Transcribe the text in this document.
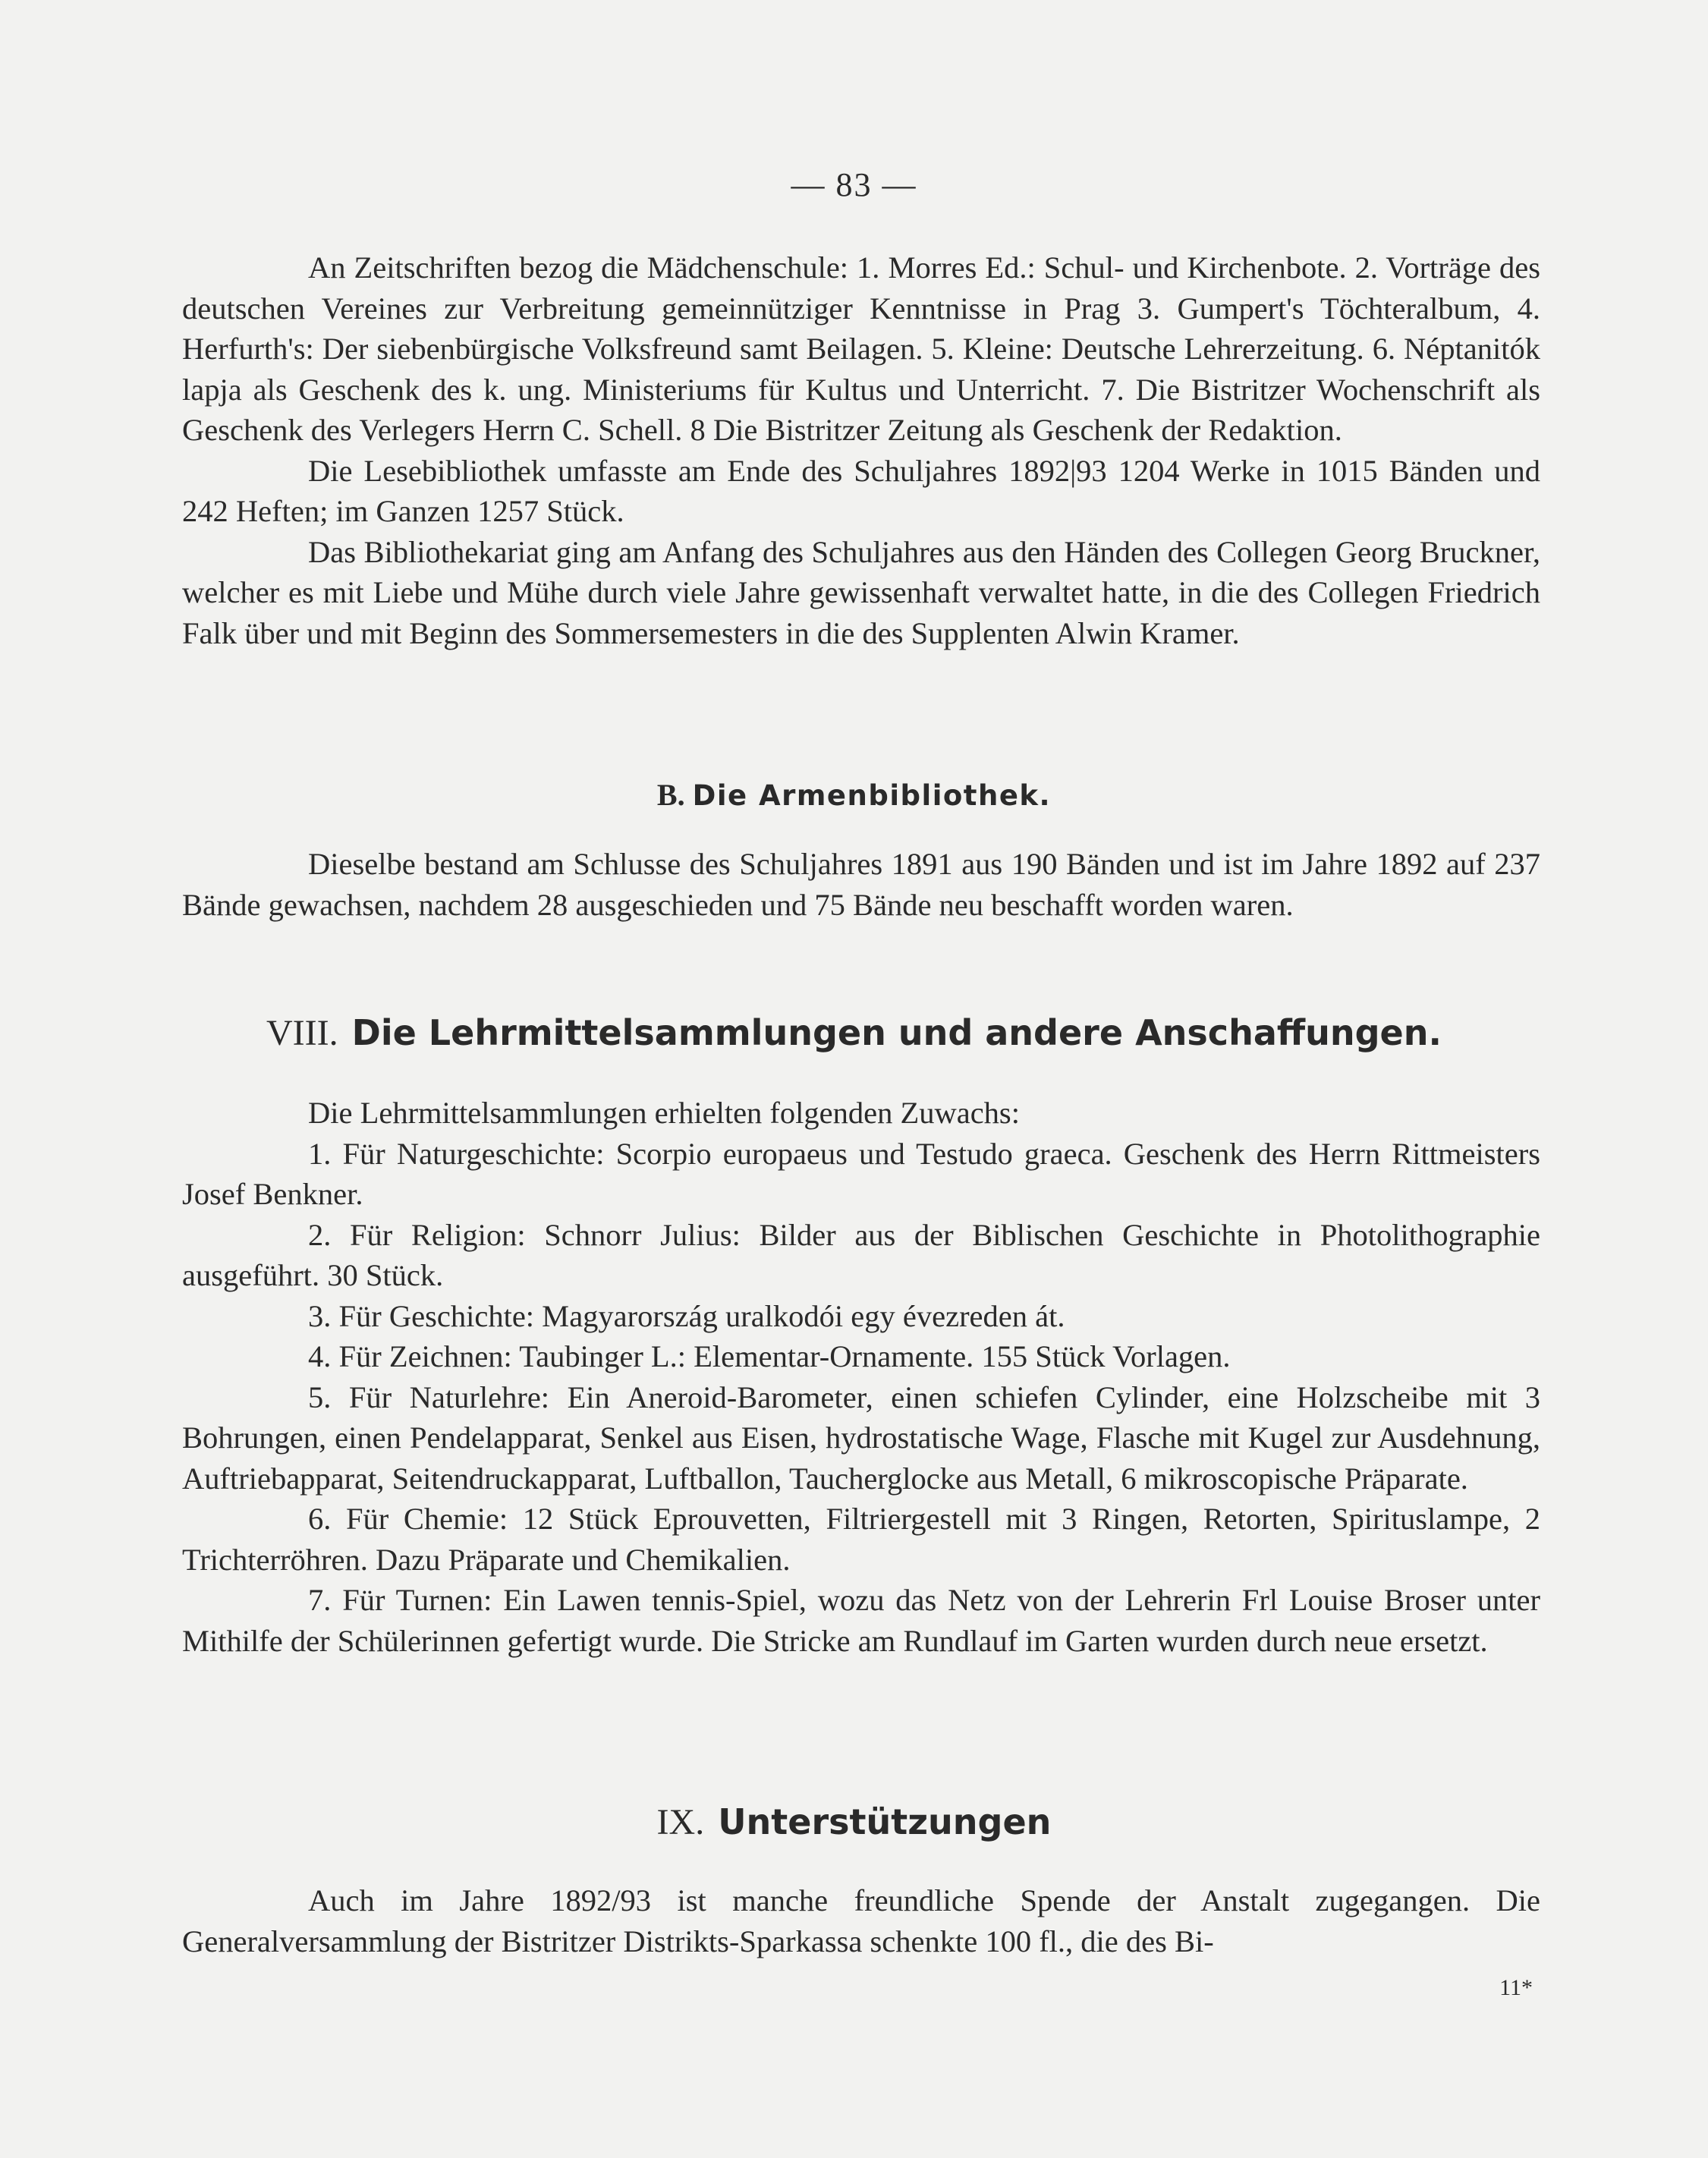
— 83 —

An Zeitschriften bezog die Mädchenschule: 1. Morres Ed.: Schul- und Kirchenbote. 2. Vorträge des deutschen Vereines zur Verbreitung gemeinnütziger Kenntnisse in Prag 3. Gumpert's Töchteralbum, 4. Herfurth's: Der siebenbürgische Volksfreund samt Beilagen. 5. Kleine: Deutsche Lehrerzeitung. 6. Néptanitók lapja als Geschenk des k. ung. Ministeriums für Kultus und Unterricht. 7. Die Bistritzer Wochenschrift als Geschenk des Verlegers Herrn C. Schell. 8 Die Bistritzer Zeitung als Geschenk der Redaktion.

Die Lesebibliothek umfasste am Ende des Schuljahres 1892|93 1204 Werke in 1015 Bänden und 242 Heften; im Ganzen 1257 Stück.

Das Bibliothekariat ging am Anfang des Schuljahres aus den Händen des Collegen Georg Bruckner, welcher es mit Liebe und Mühe durch viele Jahre gewissenhaft verwaltet hatte, in die des Collegen Friedrich Falk über und mit Beginn des Sommersemesters in die des Supplenten Alwin Kramer.

B. Die Armenbibliothek.

Dieselbe bestand am Schlusse des Schuljahres 1891 aus 190 Bänden und ist im Jahre 1892 auf 237 Bände gewachsen, nachdem 28 ausgeschieden und 75 Bände neu beschafft worden waren.

VIII. Die Lehrmittelsammlungen und andere Anschaffungen.

Die Lehrmittelsammlungen erhielten folgenden Zuwachs:

1. Für Naturgeschichte: Scorpio europaeus und Testudo graeca. Geschenk des Herrn Rittmeisters Josef Benkner.

2. Für Religion: Schnorr Julius: Bilder aus der Biblischen Geschichte in Photolithographie ausgeführt. 30 Stück.

3. Für Geschichte: Magyarország uralkodói egy évezreden át.

4. Für Zeichnen: Taubinger L.: Elementar-Ornamente. 155 Stück Vorlagen.

5. Für Naturlehre: Ein Aneroid-Barometer, einen schiefen Cylinder, eine Holzscheibe mit 3 Bohrungen, einen Pendelapparat, Senkel aus Eisen, hydrostatische Wage, Flasche mit Kugel zur Ausdehnung, Auftriebapparat, Seitendruckapparat, Luftballon, Taucherglocke aus Metall, 6 mikroscopische Präparate.

6. Für Chemie: 12 Stück Eprouvetten, Filtriergestell mit 3 Ringen, Retorten, Spirituslampe, 2 Trichterröhren. Dazu Präparate und Chemikalien.

7. Für Turnen: Ein Lawen tennis-Spiel, wozu das Netz von der Lehrerin Frl Louise Broser unter Mithilfe der Schülerinnen gefertigt wurde. Die Stricke am Rundlauf im Garten wurden durch neue ersetzt.

IX. Unterstützungen

Auch im Jahre 1892/93 ist manche freundliche Spende der Anstalt zugegangen. Die Generalversammlung der Bistritzer Distrikts-Sparkassa schenkte 100 fl., die des Bi-

11*
